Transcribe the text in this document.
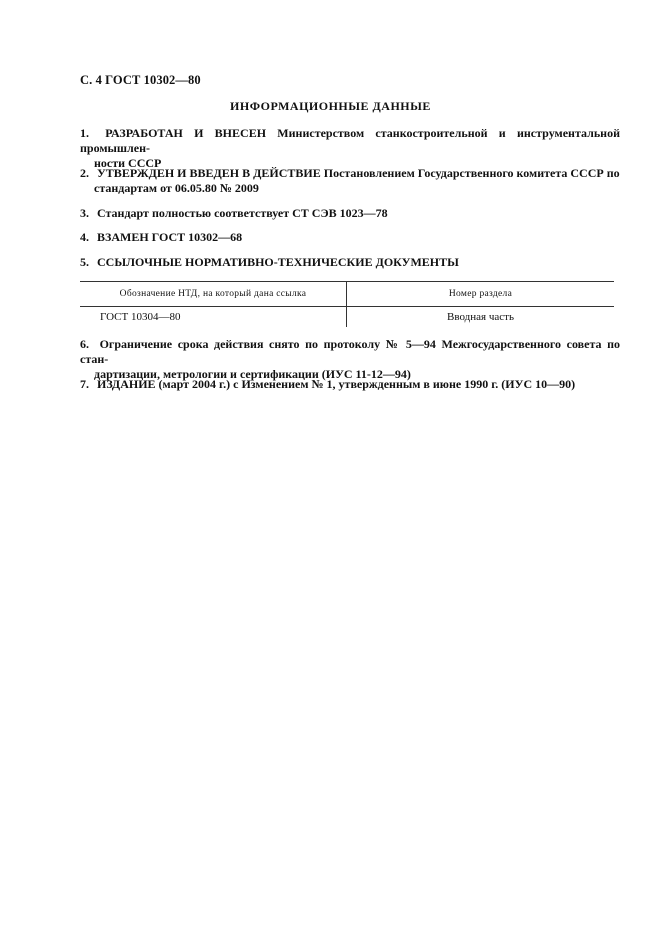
С. 4 ГОСТ 10302—80
ИНФОРМАЦИОННЫЕ ДАННЫЕ
1. РАЗРАБОТАН И ВНЕСЕН Министерством станкостроительной и инструментальной промышлен-
ности СССР
2. УТВЕРЖДЕН И ВВЕДЕН В ДЕЙСТВИЕ Постановлением Государственного комитета СССР по
стандартам от 06.05.80 № 2009
3. Стандарт полностью соответствует СТ СЭВ 1023—78
4. ВЗАМЕН ГОСТ 10302—68
5. ССЫЛОЧНЫЕ НОРМАТИВНО-ТЕХНИЧЕСКИЕ ДОКУМЕНТЫ
Обозначение НТД, на который дана ссылка	Номер раздела
ГОСТ 10304—80	Вводная часть
6. Ограничение срока действия снято по протоколу № 5—94 Межгосударственного совета по стан-
дартизации, метрологии и сертификации (ИУС 11-12—94)
7. ИЗДАНИЕ (март 2004 г.) с Изменением № 1, утвержденным в июне 1990 г. (ИУС 10—90)
